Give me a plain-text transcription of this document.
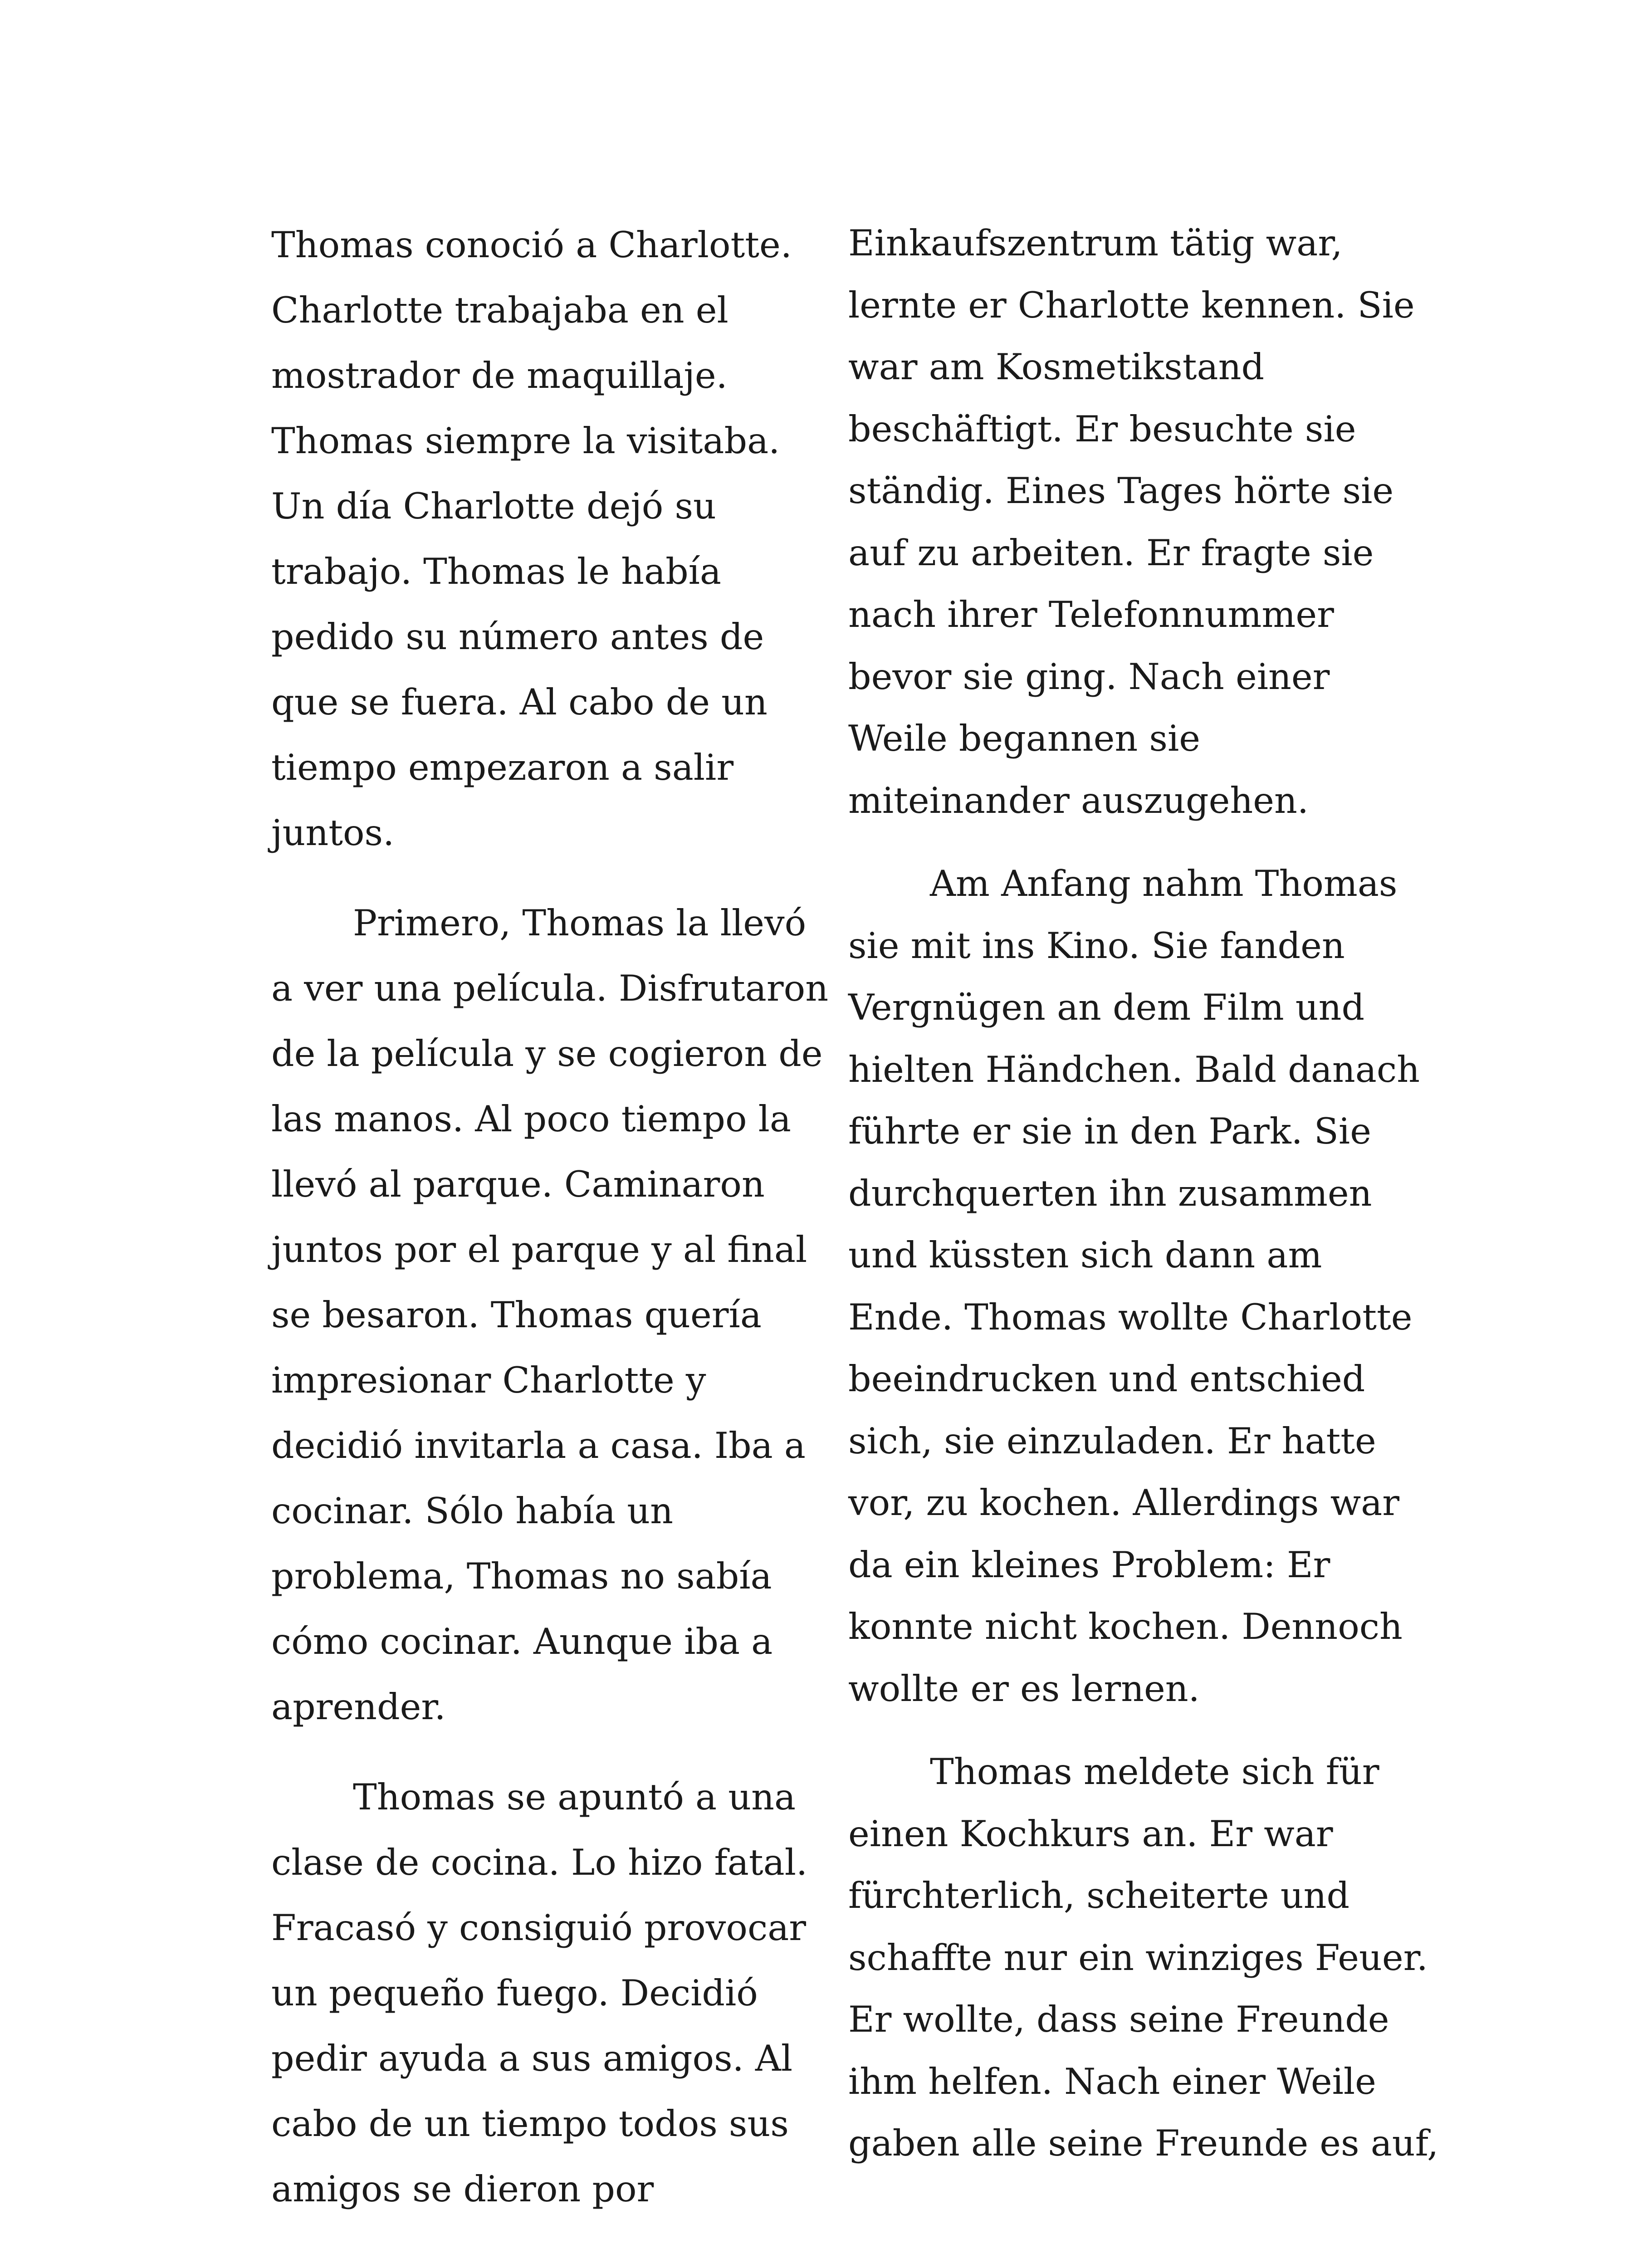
Thomas conoció a Charlotte.
Charlotte trabajaba en el
mostrador de maquillaje.
Thomas siempre la visitaba.
Un día Charlotte dejó su
trabajo. Thomas le había
pedido su número antes de
que se fuera. Al cabo de un
tiempo empezaron a salir
juntos.
Primero, Thomas la llevó
a ver una película. Disfrutaron
de la película y se cogieron de
las manos. Al poco tiempo la
llevó al parque. Caminaron
juntos por el parque y al final
se besaron. Thomas quería
impresionar Charlotte y
decidió invitarla a casa. Iba a
cocinar. Sólo había un
problema, Thomas no sabía
cómo cocinar. Aunque iba a
aprender.
Thomas se apuntó a una
clase de cocina. Lo hizo fatal.
Fracasó y consiguió provocar
un pequeño fuego. Decidió
pedir ayuda a sus amigos. Al
cabo de un tiempo todos sus
amigos se dieron por
Einkaufszentrum tätig war,
lernte er Charlotte kennen. Sie
war am Kosmetikstand
beschäftigt. Er besuchte sie
ständig. Eines Tages hörte sie
auf zu arbeiten. Er fragte sie
nach ihrer Telefonnummer
bevor sie ging. Nach einer
Weile begannen sie
miteinander auszugehen.
Am Anfang nahm Thomas
sie mit ins Kino. Sie fanden
Vergnügen an dem Film und
hielten Händchen. Bald danach
führte er sie in den Park. Sie
durchquerten ihn zusammen
und küssten sich dann am
Ende. Thomas wollte Charlotte
beeindrucken und entschied
sich, sie einzuladen. Er hatte
vor, zu kochen. Allerdings war
da ein kleines Problem: Er
konnte nicht kochen. Dennoch
wollte er es lernen.
Thomas meldete sich für
einen Kochkurs an. Er war
fürchterlich, scheiterte und
schaffte nur ein winziges Feuer.
Er wollte, dass seine Freunde
ihm helfen. Nach einer Weile
gaben alle seine Freunde es auf,
